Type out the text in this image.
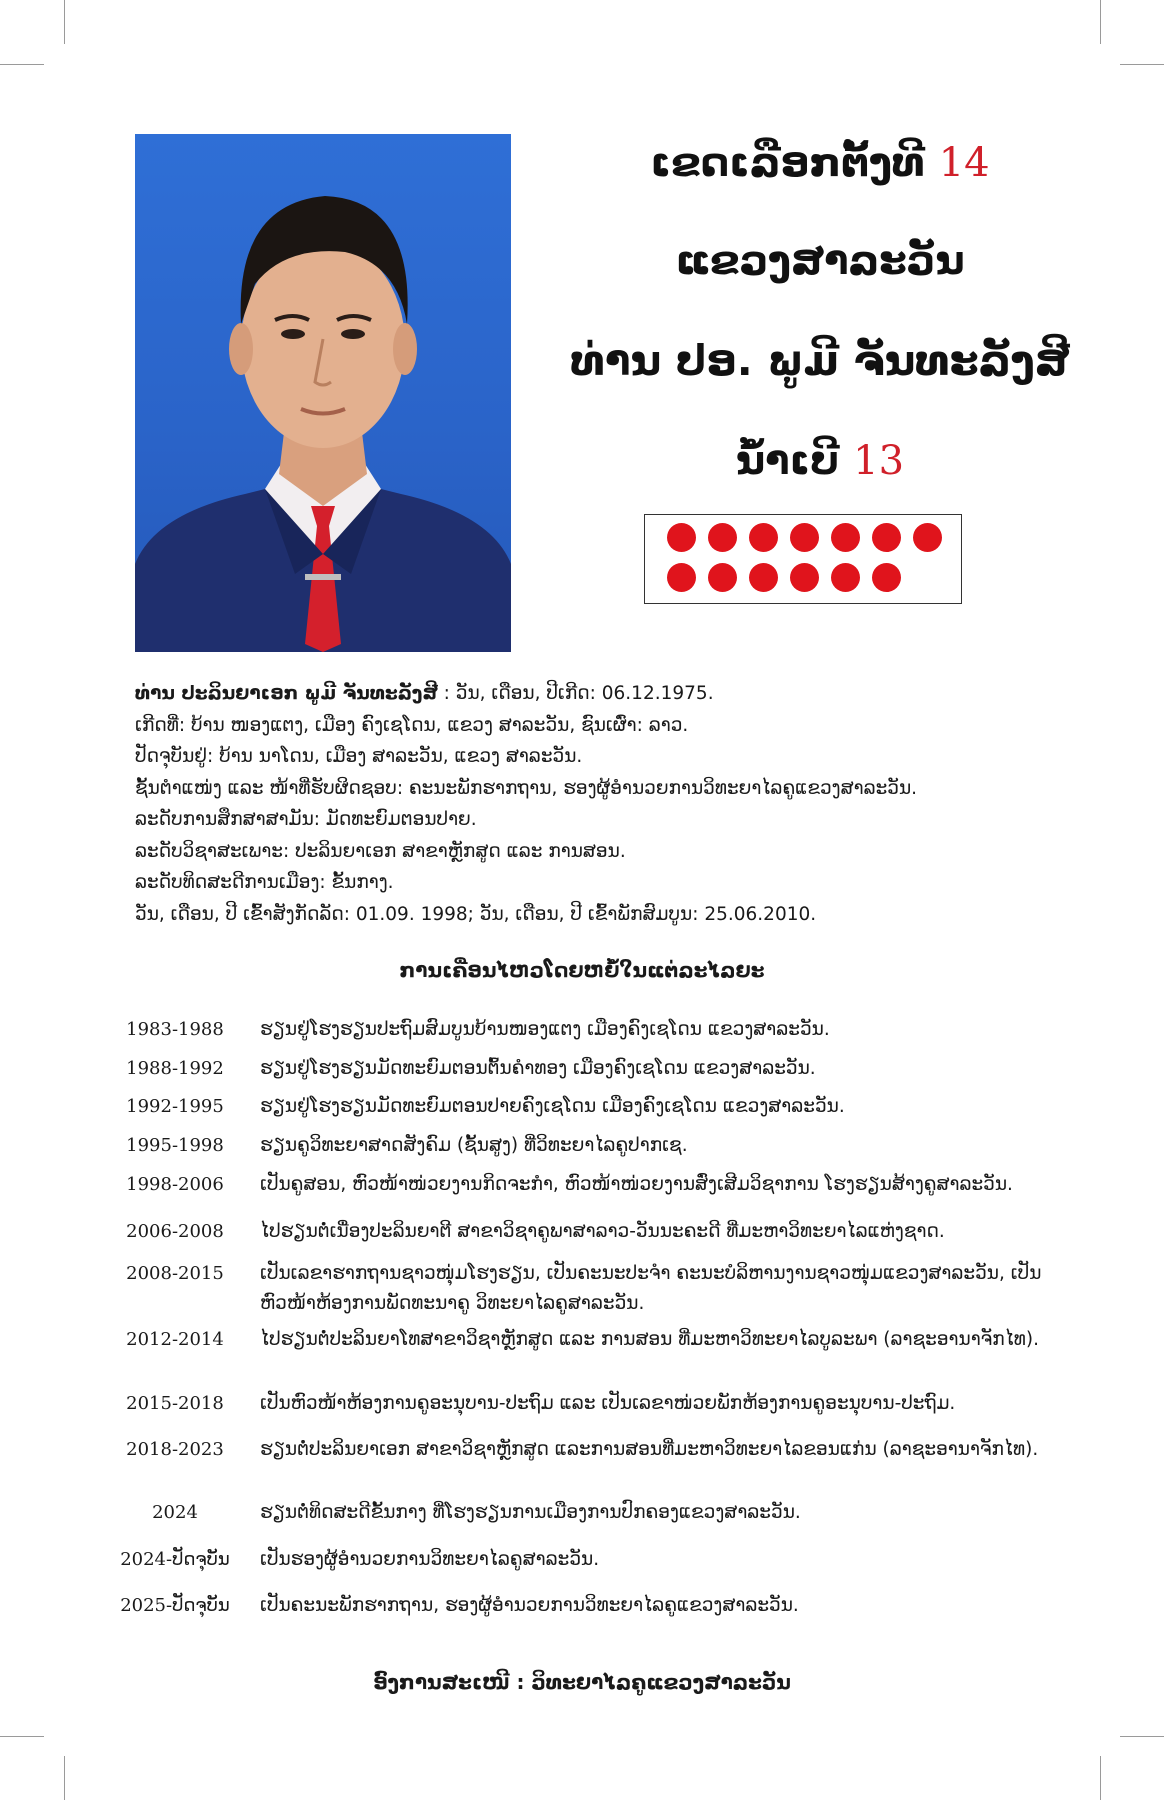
ເຂດເລືອກຕັ້ງທີ 14
ແຂວງສາລະວັນ
ທ່ານ ປອ. ພູມີ ຈັນທະລັງສີ
ນໍ້າເບີ 13
ທ່ານ ປະລິນຍາເອກ ພູມີ ຈັນທະລັງສີ : ວັນ, ເດືອນ, ປີເກີດ: 06.12.1975.
ເກີດທີ່: ບ້ານ ໜອງແຕງ, ເມືອງ ຄົງເຊໂດນ, ແຂວງ ສາລະວັນ, ຊົນເຜົ່າ: ລາວ.
ປັດຈຸບັນຢູ່: ບ້ານ ນາໂດນ, ເມືອງ ສາລະວັນ, ແຂວງ ສາລະວັນ.
ຊັ້ນຕໍາແໜ່ງ ແລະ ໜ້າທີ່ຮັບຜິດຊອບ: ຄະນະພັກຮາກຖານ, ຮອງຜູ້ອໍານວຍການວິທະຍາໄລຄູແຂວງສາລະວັນ.
ລະດັບການສຶກສາສາມັນ: ມັດທະຍົມຕອນປາຍ.
ລະດັບວິຊາສະເພາະ: ປະລິນຍາເອກ ສາຂາຫຼັກສູດ ແລະ ການສອນ.
ລະດັບທິດສະດີການເມືອງ: ຂັ້ນກາງ.
ວັນ, ເດືອນ, ປີ ເຂົ້າສັງກັດລັດ: 01.09. 1998; ວັນ, ເດືອນ, ປີ ເຂົ້າພັກສົມບູນ: 25.06.2010.
ການເຄື່ອນໄຫວໂດຍຫຍໍ້ໃນແຕ່ລະໄລຍະ
1983-1988	ຮຽນຢູ່ໂຮງຮຽນປະຖົມສົມບູນບ້ານໜອງແຕງ ເມືອງຄົງເຊໂດນ ແຂວງສາລະວັນ.
1988-1992	ຮຽນຢູ່ໂຮງຮຽນມັດທະຍົມຕອນຕົ້ນຄໍາທອງ ເມືອງຄົງເຊໂດນ ແຂວງສາລະວັນ.
1992-1995	ຮຽນຢູ່ໂຮງຮຽນມັດທະຍົມຕອນປາຍຄົງເຊໂດນ ເມືອງຄົງເຊໂດນ ແຂວງສາລະວັນ.
1995-1998	ຮຽນຄູວິທະຍາສາດສັງຄົມ (ຊັ້ນສູງ) ທີ່ວິທະຍາໄລຄູປາກເຊ.
1998-2006	ເປັນຄູສອນ, ຫົວໜ້າໜ່ວຍງານກິດຈະກໍາ, ຫົວໜ້າໜ່ວຍງານສົ່ງເສີມວິຊາການ ໂຮງຮຽນສ້າງຄູສາລະວັນ.
2006-2008	ໄປຮຽນຕໍ່ເນື່ອງປະລິນຍາຕີ ສາຂາວິຊາຄູພາສາລາວ-ວັນນະຄະດີ ທີ່ມະຫາວິທະຍາໄລແຫ່ງຊາດ.
2008-2015	ເປັນເລຂາຮາກຖານຊາວໜຸ່ມໂຮງຮຽນ, ເປັນຄະນະປະຈໍາ ຄະນະບໍລິຫານງານຊາວໜຸ່ມແຂວງສາລະວັນ, ເປັນຫົວໜ້າຫ້ອງການພັດທະນາຄູ ວິທະຍາໄລຄູສາລະວັນ.
2012-2014	ໄປຮຽນຕໍ່ປະລິນຍາໂທສາຂາວິຊາຫຼັກສູດ ແລະ ການສອນ ທີ່ມະຫາວິທະຍາໄລບູລະພາ (ລາຊະອານາຈັກໄທ).
2015-2018	ເປັນຫົວໜ້າຫ້ອງການຄູອະນຸບານ-ປະຖົມ ແລະ ເປັນເລຂາໜ່ວຍພັກຫ້ອງການຄູອະນຸບານ-ປະຖົມ.
2018-2023	ຮຽນຕໍ່ປະລິນຍາເອກ ສາຂາວິຊາຫຼັກສູດ ແລະການສອນທີ່ມະຫາວິທະຍາໄລຂອນແກ່ນ (ລາຊະອານາຈັກໄທ).
2024	ຮຽນຕໍ່ທິດສະດີຂັ້ນກາງ ທີ່ໂຮງຮຽນການເມືອງການປົກຄອງແຂວງສາລະວັນ.
2024-ປັດຈຸບັນ	ເປັນຮອງຜູ້ອໍານວຍການວິທະຍາໄລຄູສາລະວັນ.
2025-ປັດຈຸບັນ	ເປັນຄະນະພັກຮາກຖານ, ຮອງຜູ້ອໍານວຍການວິທະຍາໄລຄູແຂວງສາລະວັນ.
ອົງການສະເໜີ : ວິທະຍາໄລຄູແຂວງສາລະວັນ
